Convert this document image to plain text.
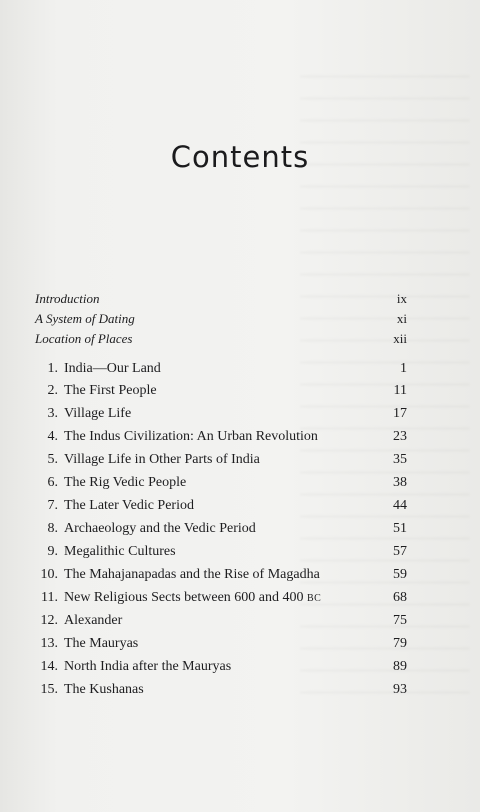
Contents
Introduction	ix
A System of Dating	xi
Location of Places	xii
1. India—Our Land	1
2. The First People	11
3. Village Life	17
4. The Indus Civilization: An Urban Revolution	23
5. Village Life in Other Parts of India	35
6. The Rig Vedic People	38
7. The Later Vedic Period	44
8. Archaeology and the Vedic Period	51
9. Megalithic Cultures	57
10. The Mahajanapadas and the Rise of Magadha	59
11. New Religious Sects between 600 and 400 BC	68
12. Alexander	75
13. The Mauryas	79
14. North India after the Mauryas	89
15. The Kushanas	93
